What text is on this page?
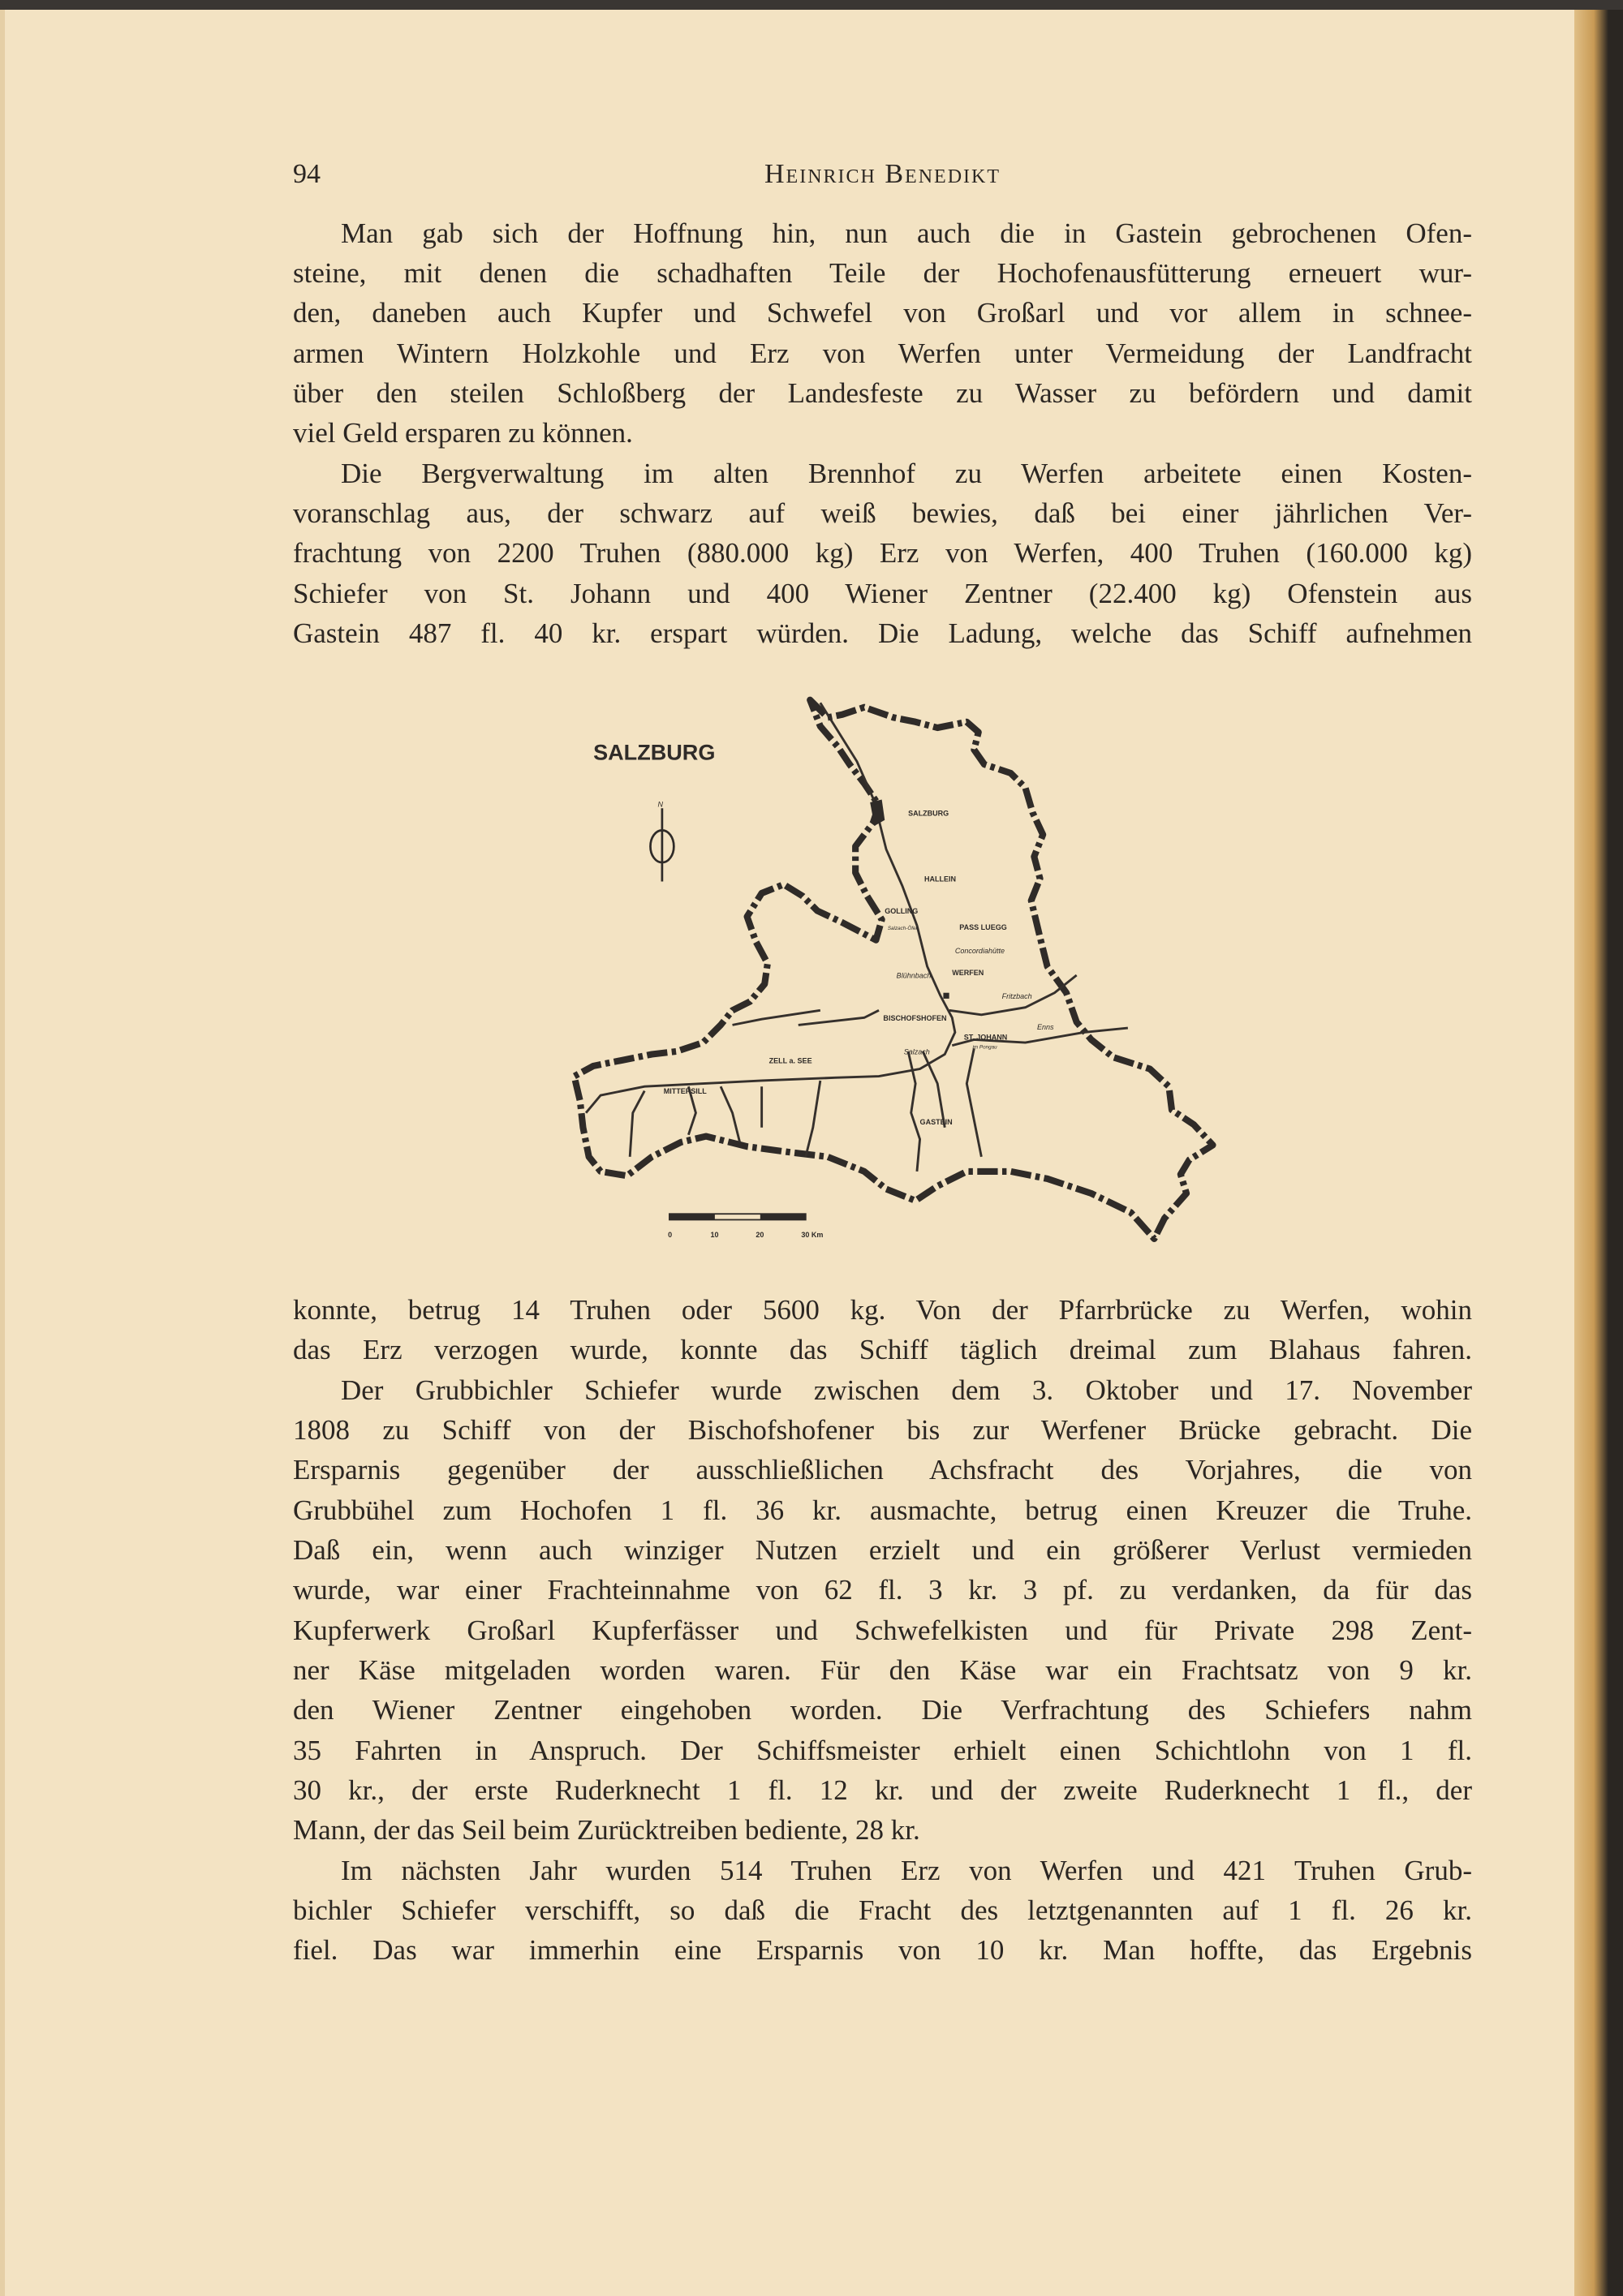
94	Heinrich Benedikt
Man gab sich der Hoffnung hin, nun auch die in Gastein gebrochenen Ofen-
steine, mit denen die schadhaften Teile der Hochofenausfütterung erneuert wur-
den, daneben auch Kupfer und Schwefel von Großarl und vor allem in schnee-
armen Wintern Holzkohle und Erz von Werfen unter Vermeidung der Landfracht
über den steilen Schloßberg der Landesfeste zu Wasser zu befördern und damit
viel Geld ersparen zu können.
Die Bergverwaltung im alten Brennhof zu Werfen arbeitete einen Kosten-
voranschlag aus, der schwarz auf weiß bewies, daß bei einer jährlichen Ver-
frachtung von 2200 Truhen (880.000 kg) Erz von Werfen, 400 Truhen (160.000 kg)
Schiefer von St. Johann und 400 Wiener Zentner (22.400 kg) Ofenstein aus
Gastein 487 fl. 40 kr. erspart würden. Die Ladung, welche das Schiff aufnehmen
SALZBURG
N
SALZBURG
HALLEIN
GOLLING
Salzach-Öfen	PASS LUEGG
Concordiahütte
Blühnbach	WERFEN
Fritzbach
BISCHOFSHOFEN
ST. JOHANN
im Pongau
Enns
Salzach
ZELL a. SEE
MITTERSILL
GASTEIN
0	10	20	30 Km
konnte, betrug 14 Truhen oder 5600 kg. Von der Pfarrbrücke zu Werfen, wohin
das Erz verzogen wurde, konnte das Schiff täglich dreimal zum Blahaus fahren.
Der Grubbichler Schiefer wurde zwischen dem 3. Oktober und 17. November
1808 zu Schiff von der Bischofshofener bis zur Werfener Brücke gebracht. Die
Ersparnis gegenüber der ausschließlichen Achsfracht des Vorjahres, die von
Grubbühel zum Hochofen 1 fl. 36 kr. ausmachte, betrug einen Kreuzer die Truhe.
Daß ein, wenn auch winziger Nutzen erzielt und ein größerer Verlust vermieden
wurde, war einer Frachteinnahme von 62 fl. 3 kr. 3 pf. zu verdanken, da für das
Kupferwerk Großarl Kupferfässer und Schwefelkisten und für Private 298 Zent-
ner Käse mitgeladen worden waren. Für den Käse war ein Frachtsatz von 9 kr.
den Wiener Zentner eingehoben worden. Die Verfrachtung des Schiefers nahm
35 Fahrten in Anspruch. Der Schiffsmeister erhielt einen Schichtlohn von 1 fl.
30 kr., der erste Ruderknecht 1 fl. 12 kr. und der zweite Ruderknecht 1 fl., der
Mann, der das Seil beim Zurücktreiben bediente, 28 kr.
Im nächsten Jahr wurden 514 Truhen Erz von Werfen und 421 Truhen Grub-
bichler Schiefer verschifft, so daß die Fracht des letztgenannten auf 1 fl. 26 kr.
fiel. Das war immerhin eine Ersparnis von 10 kr. Man hoffte, das Ergebnis
